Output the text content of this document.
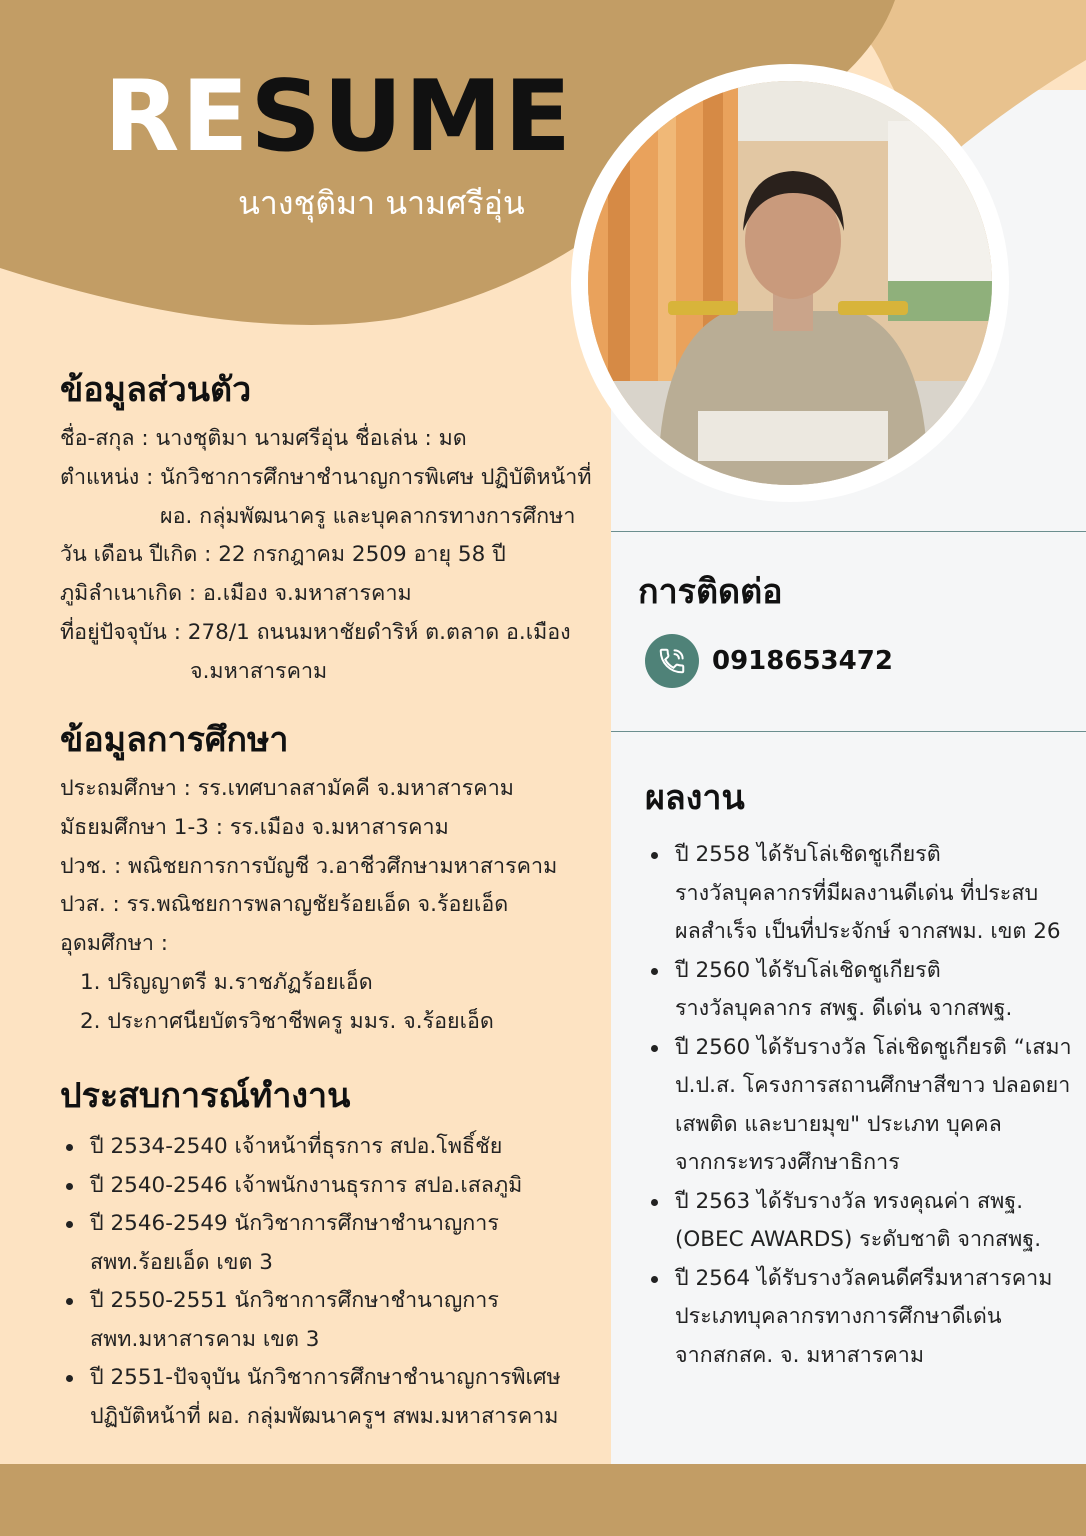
RESUME
นางชุติมา นามศรีอุ่น
ข้อมูลส่วนตัว

ชื่อ-สกุล : นางชุติมา นามศรีอุ่น ชื่อเล่น : มด

ตำแหน่ง : นักวิชาการศึกษาชำนาญการพิเศษ ปฏิบัติหน้าที่

ผอ. กลุ่มพัฒนาครู และบุคลากรทางการศึกษา

วัน เดือน ปีเกิด : 22 กรกฎาคม 2509 อายุ 58 ปี

ภูมิลำเนาเกิด : อ.เมือง จ.มหาสารคาม

ที่อยู่ปัจจุบัน : 278/1 ถนนมหาชัยดำริห์ ต.ตลาด อ.เมือง

จ.มหาสารคาม

ข้อมูลการศึกษา

ประถมศึกษา : รร.เทศบาลสามัคคี จ.มหาสารคาม

มัธยมศึกษา 1-3 : รร.เมือง จ.มหาสารคาม

ปวช. : พณิชยการการบัญชี ว.อาชีวศึกษามหาสารคาม

ปวส. : รร.พณิชยการพลาญชัยร้อยเอ็ด จ.ร้อยเอ็ด

อุดมศึกษา :

1. ปริญญาตรี ม.ราชภัฏร้อยเอ็ด
2. ประกาศนียบัตรวิชาชีพครู มมร. จ.ร้อยเอ็ด
ประสบการณ์ทำงาน
ปี 2534-2540 เจ้าหน้าที่ธุรการ สปอ.โพธิ์ชัย
ปี 2540-2546 เจ้าพนักงานธุรการ สปอ.เสลภูมิ
ปี 2546-2549 นักวิชาการศึกษาชำนาญการ
สพท.ร้อยเอ็ด เขต 3
ปี 2550-2551 นักวิชาการศึกษาชำนาญการ
สพท.มหาสารคาม เขต 3
ปี 2551-ปัจจุบัน นักวิชาการศึกษาชำนาญการพิเศษ
ปฏิบัติหน้าที่ ผอ. กลุ่มพัฒนาครูฯ สพม.มหาสารคาม
การติดต่อ

0918653472

ผลงาน
ปี 2558 ได้รับโล่เชิดชูเกียรติ
รางวัลบุคลากรที่มีผลงานดีเด่น ที่ประสบ
ผลสำเร็จ เป็นที่ประจักษ์ จากสพม. เขต 26
ปี 2560 ได้รับโล่เชิดชูเกียรติ
รางวัลบุคลากร สพฐ. ดีเด่น จากสพฐ.
ปี 2560 ได้รับรางวัล โล่เชิดชูเกียรติ “เสมา
ป.ป.ส. โครงการสถานศึกษาสีขาว ปลอดยา
เสพติด และบายมุข" ประเภท บุคคล
จากกระทรวงศึกษาธิการ
ปี 2563 ได้รับรางวัล ทรงคุณค่า สพฐ.
(OBEC AWARDS) ระดับชาติ จากสพฐ.
ปี 2564 ได้รับรางวัลคนดีศรีมหาสารคาม
ประเภทบุคลากรทางการศึกษาดีเด่น
จากสกสค. จ. มหาสารคาม
